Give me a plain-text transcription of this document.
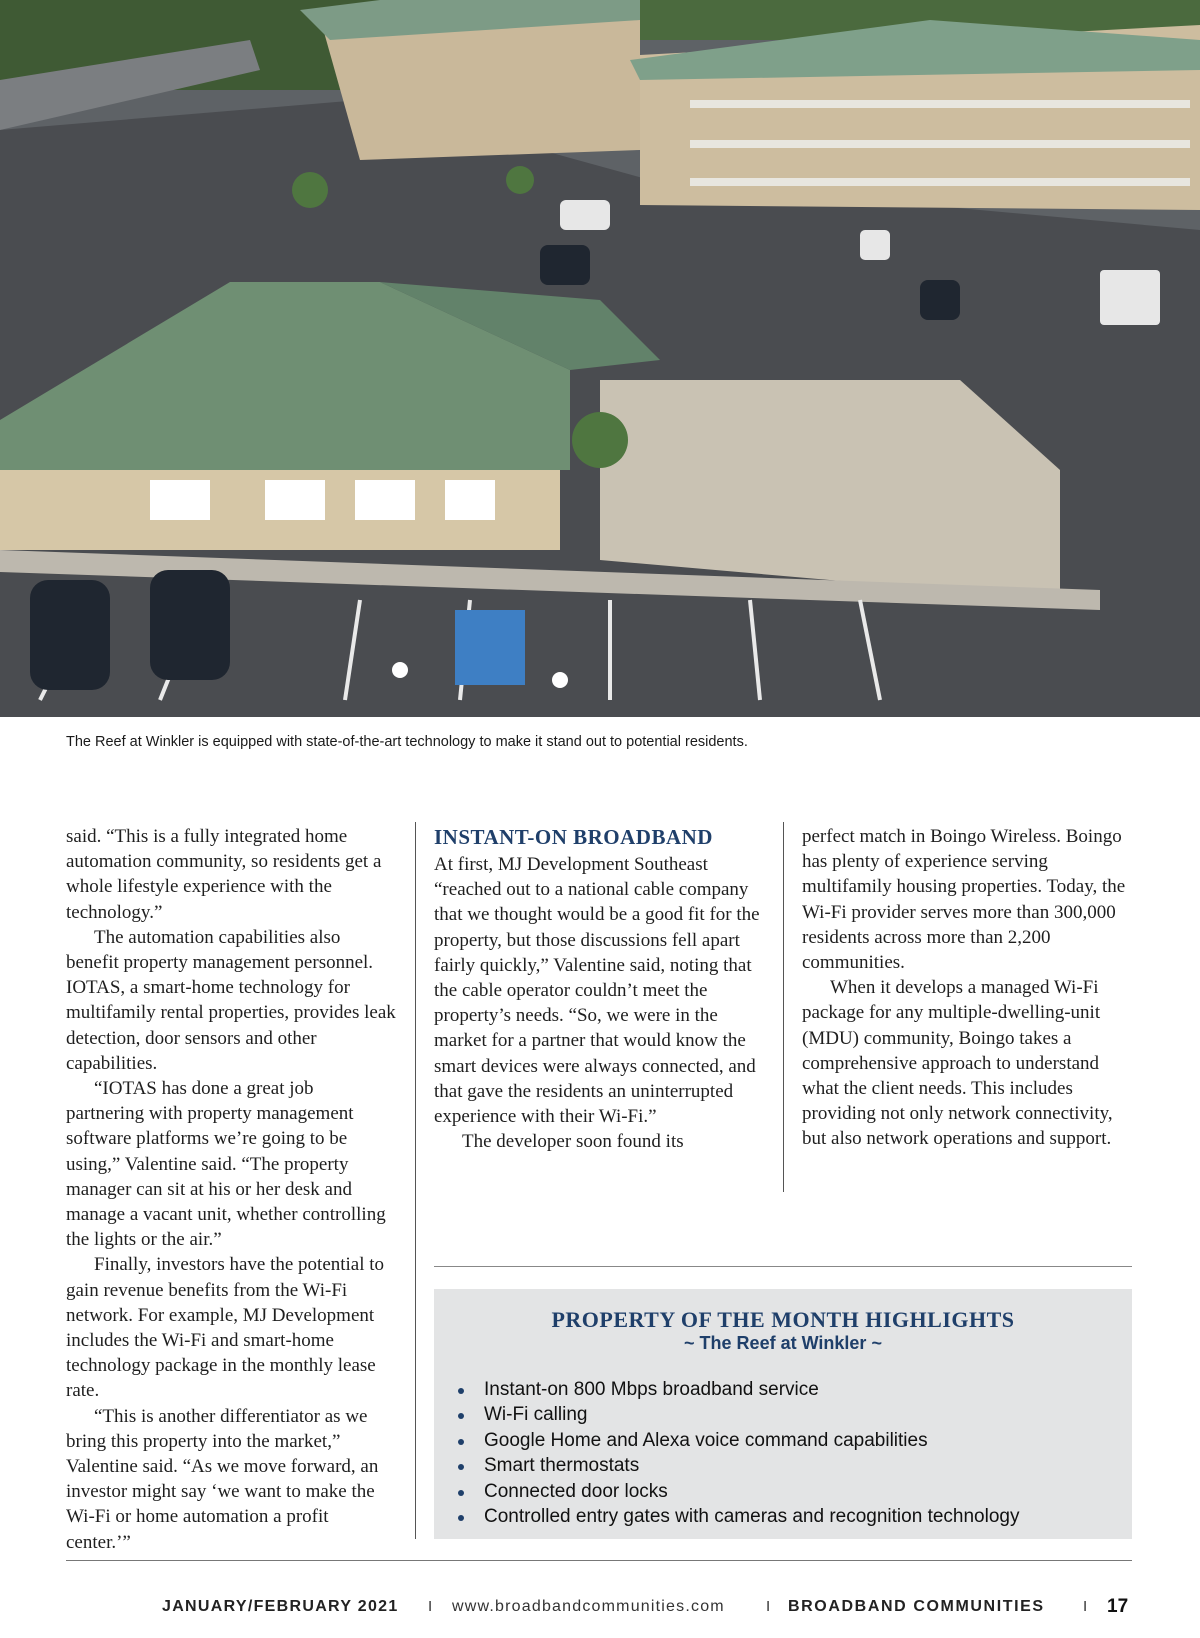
The Reef at Winkler is equipped with state-of-the-art technology to make it stand out to potential residents.

said. “This is a fully integrated home automation community, so residents get a whole lifestyle experience with the technology.”

The automation capabilities also benefit property management personnel. IOTAS, a smart-home technology for multifamily rental properties, provides leak detection, door sensors and other capabilities.

“IOTAS has done a great job partnering with property management software platforms we’re going to be using,” Valentine said. “The property manager can sit at his or her desk and manage a vacant unit, whether controlling the lights or the air.”

Finally, investors have the potential to gain revenue benefits from the Wi-Fi network. For example, MJ Development includes the Wi-Fi and smart-home technology package in the monthly lease rate.

“This is another differentiator as we bring this property into the market,” Valentine said. “As we move forward, an investor might say ‘we want to make the Wi-Fi or home automation a profit center.’”

INSTANT-ON BROADBAND

At first, MJ Development Southeast “reached out to a national cable company that we thought would be a good fit for the property, but those discussions fell apart fairly quickly,” Valentine said, noting that the cable operator couldn’t meet the property’s needs. “So, we were in the market for a partner that would know the smart devices were always connected, and that gave the residents an uninterrupted experience with their Wi-Fi.”

The developer soon found its

perfect match in Boingo Wireless. Boingo has plenty of experience serving multifamily housing properties. Today, the Wi-Fi provider serves more than 300,000 residents across more than 2,200 communities.

When it develops a managed Wi-Fi package for any multiple-dwelling-unit (MDU) community, Boingo takes a comprehensive approach to understand what the client needs. This includes providing not only network connectivity, but also network operations and support.

PROPERTY OF THE MONTH HIGHLIGHTS
~ The Reef at Winkler ~
Instant-on 800 Mbps broadband service
Wi-Fi calling
Google Home and Alexa voice command capabilities
Smart thermostats
Connected door locks
Controlled entry gates with cameras and recognition technology
JANUARY/FEBRUARY 2021 I www.broadbandcommunities.com	I BROADBAND COMMUNITIES	I 17
